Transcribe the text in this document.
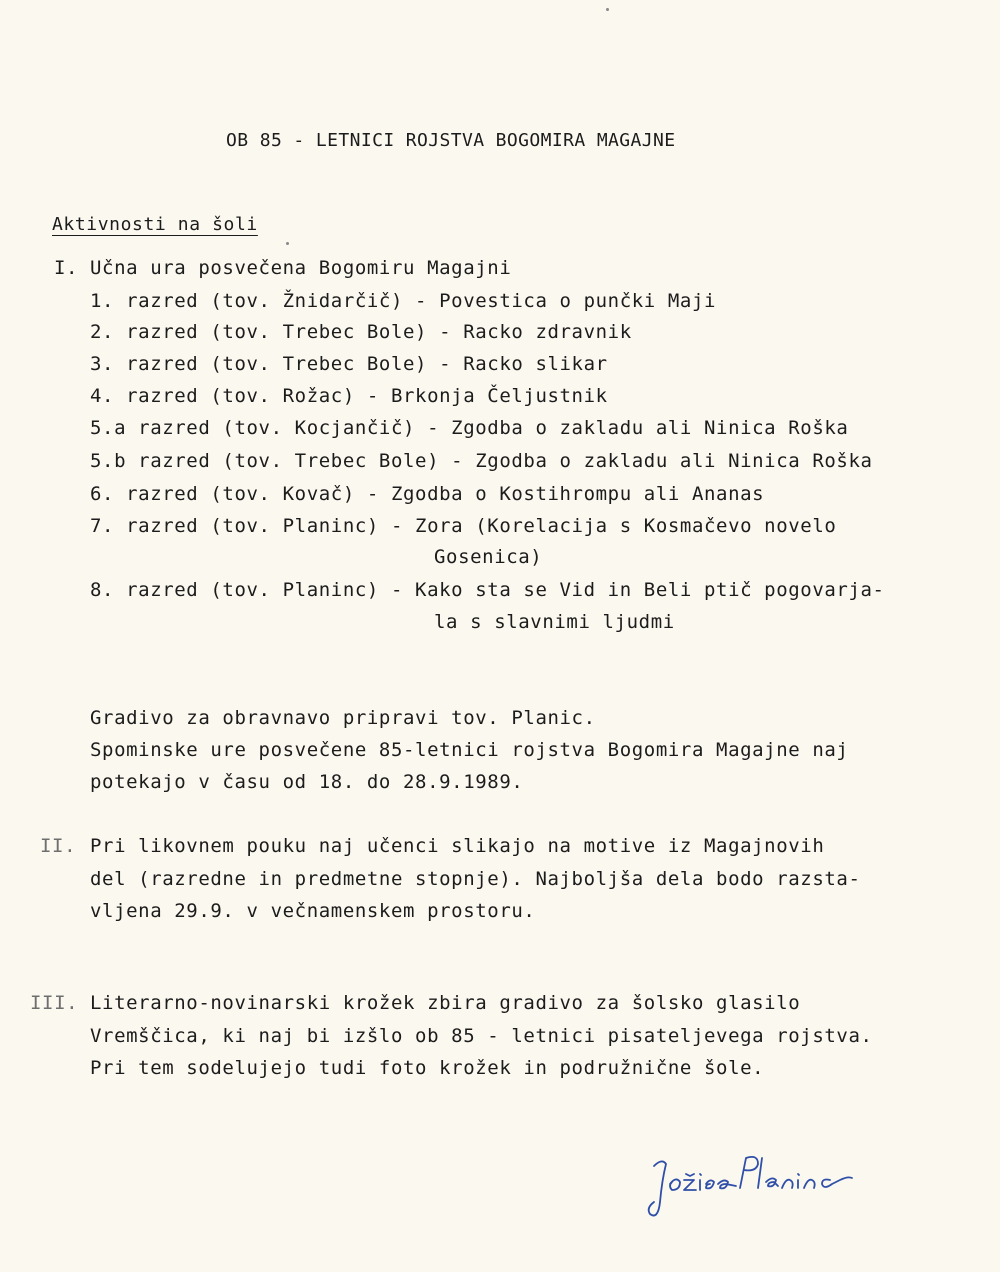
OB 85 - LETNICI ROJSTVA BOGOMIRA MAGAJNE
Aktivnosti na šoli
I. Učna ura posvečena Bogomiru Magajni
1. razred (tov. Žnidarčič) - Povestica o punčki Maji
2. razred (tov. Trebec Bole) - Racko zdravnik
3. razred (tov. Trebec Bole) - Racko slikar
4. razred (tov. Rožac) - Brkonja Čeljustnik
5.a razred (tov. Kocjančič) - Zgodba o zakladu ali Ninica Roška
5.b razred (tov. Trebec Bole) - Zgodba o zakladu ali Ninica Roška
6. razred (tov. Kovač) - Zgodba o Kostihrompu ali Ananas
7. razred (tov. Planinc) - Zora (Korelacija s Kosmačevo novelo
Gosenica)
8. razred (tov. Planinc) - Kako sta se Vid in Beli ptič pogovarja-
la s slavnimi ljudmi
Gradivo za obravnavo pripravi tov. Planic.
Spominske ure posvečene 85-letnici rojstva Bogomira Magajne naj
potekajo v času od 18. do 28.9.1989.
II. Pri likovnem pouku naj učenci slikajo na motive iz Magajnovih
del (razredne in predmetne stopnje). Najboljša dela bodo razsta-
vljena 29.9. v večnamenskem prostoru.
III. Literarno-novinarski krožek zbira gradivo za šolsko glasilo
Vremščica, ki naj bi izšlo ob 85 - letnici pisateljevega rojstva.
Pri tem sodelujejo tudi foto krožek in podružnične šole.
